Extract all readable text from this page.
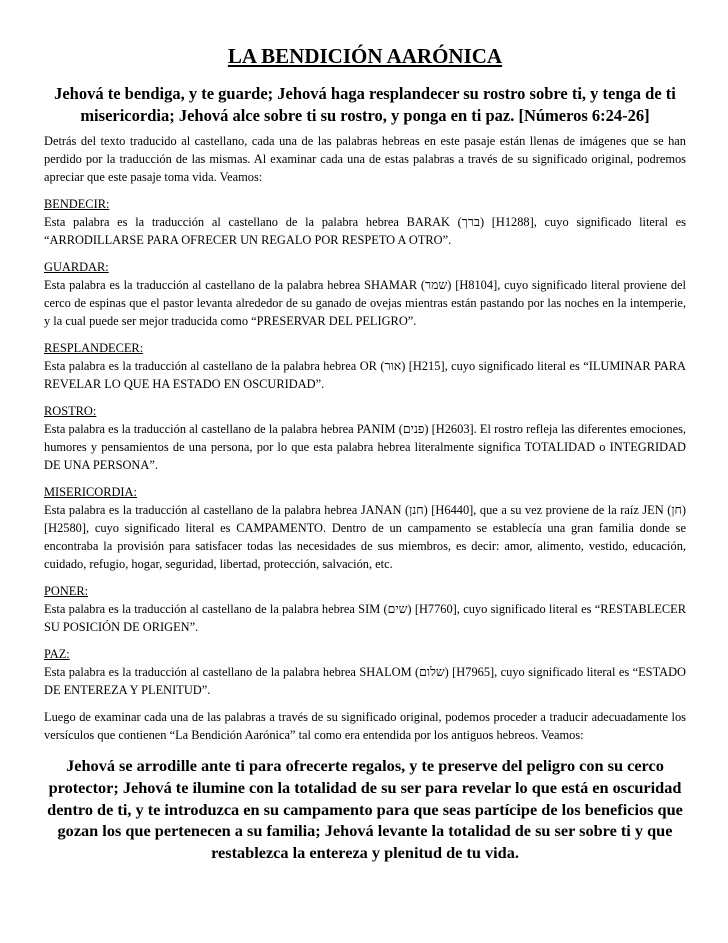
LA BENDICIÓN AARÓNICA
Jehová te bendiga, y te guarde; Jehová haga resplandecer su rostro sobre ti, y tenga de ti misericordia; Jehová alce sobre ti su rostro, y ponga en ti paz. [Números 6:24-26]

Detrás del texto traducido al castellano, cada una de las palabras hebreas en este pasaje están llenas de imágenes que se han perdido por la traducción de las mismas. Al examinar cada una de estas palabras a través de su significado original, podremos apreciar que este pasaje toma vida. Veamos:

BENDECIR:

Esta palabra es la traducción al castellano de la palabra hebrea BARAK (ברך) [H1288], cuyo significado literal es “ARRODILLARSE PARA OFRECER UN REGALO POR RESPETO A OTRO”.

GUARDAR:

Esta palabra es la traducción al castellano de la palabra hebrea SHAMAR (שמר) [H8104], cuyo significado literal proviene del cerco de espinas que el pastor levanta alrededor de su ganado de ovejas mientras están pastando por las noches en la intemperie, y la cual puede ser mejor traducida como “PRESERVAR DEL PELIGRO”.

RESPLANDECER:

Esta palabra es la traducción al castellano de la palabra hebrea OR (אור) [H215], cuyo significado literal es “ILUMINAR PARA REVELAR LO QUE HA ESTADO EN OSCURIDAD”.

ROSTRO:

Esta palabra es la traducción al castellano de la palabra hebrea PANIM (פנים) [H2603]. El rostro refleja las diferentes emociones, humores y pensamientos de una persona, por lo que esta palabra hebrea literalmente significa TOTALIDAD o INTEGRIDAD DE UNA PERSONA”.

MISERICORDIA:

Esta palabra es la traducción al castellano de la palabra hebrea JANAN (חנן) [H6440], que a su vez proviene de la raíz JEN (חן) [H2580], cuyo significado literal es CAMPAMENTO. Dentro de un campamento se establecía una gran familia donde se encontraba la provisión para satisfacer todas las necesidades de sus miembros, es decir: amor, alimento, vestido, educación, cuidado, refugio, hogar, seguridad, libertad, protección, salvación, etc.

PONER:

Esta palabra es la traducción al castellano de la palabra hebrea SIM (שים) [H7760], cuyo significado literal es “RESTABLECER SU POSICIÓN DE ORIGEN”.

PAZ:

Esta palabra es la traducción al castellano de la palabra hebrea SHALOM (שלום) [H7965], cuyo significado literal es “ESTADO DE ENTEREZA Y PLENITUD”.

Luego de examinar cada una de las palabras a través de su significado original, podemos proceder a traducir adecuadamente los versículos que contienen “La Bendición Aarónica” tal como era entendida por los antiguos hebreos. Veamos:

Jehová se arrodille ante ti para ofrecerte regalos, y te preserve del peligro con su cerco protector; Jehová te ilumine con la totalidad de su ser para revelar lo que está en oscuridad dentro de ti, y te introduzca en su campamento para que seas partícipe de los beneficios que gozan los que pertenecen a su familia; Jehová levante la totalidad de su ser sobre ti y que restablezca la entereza y plenitud de tu vida.
